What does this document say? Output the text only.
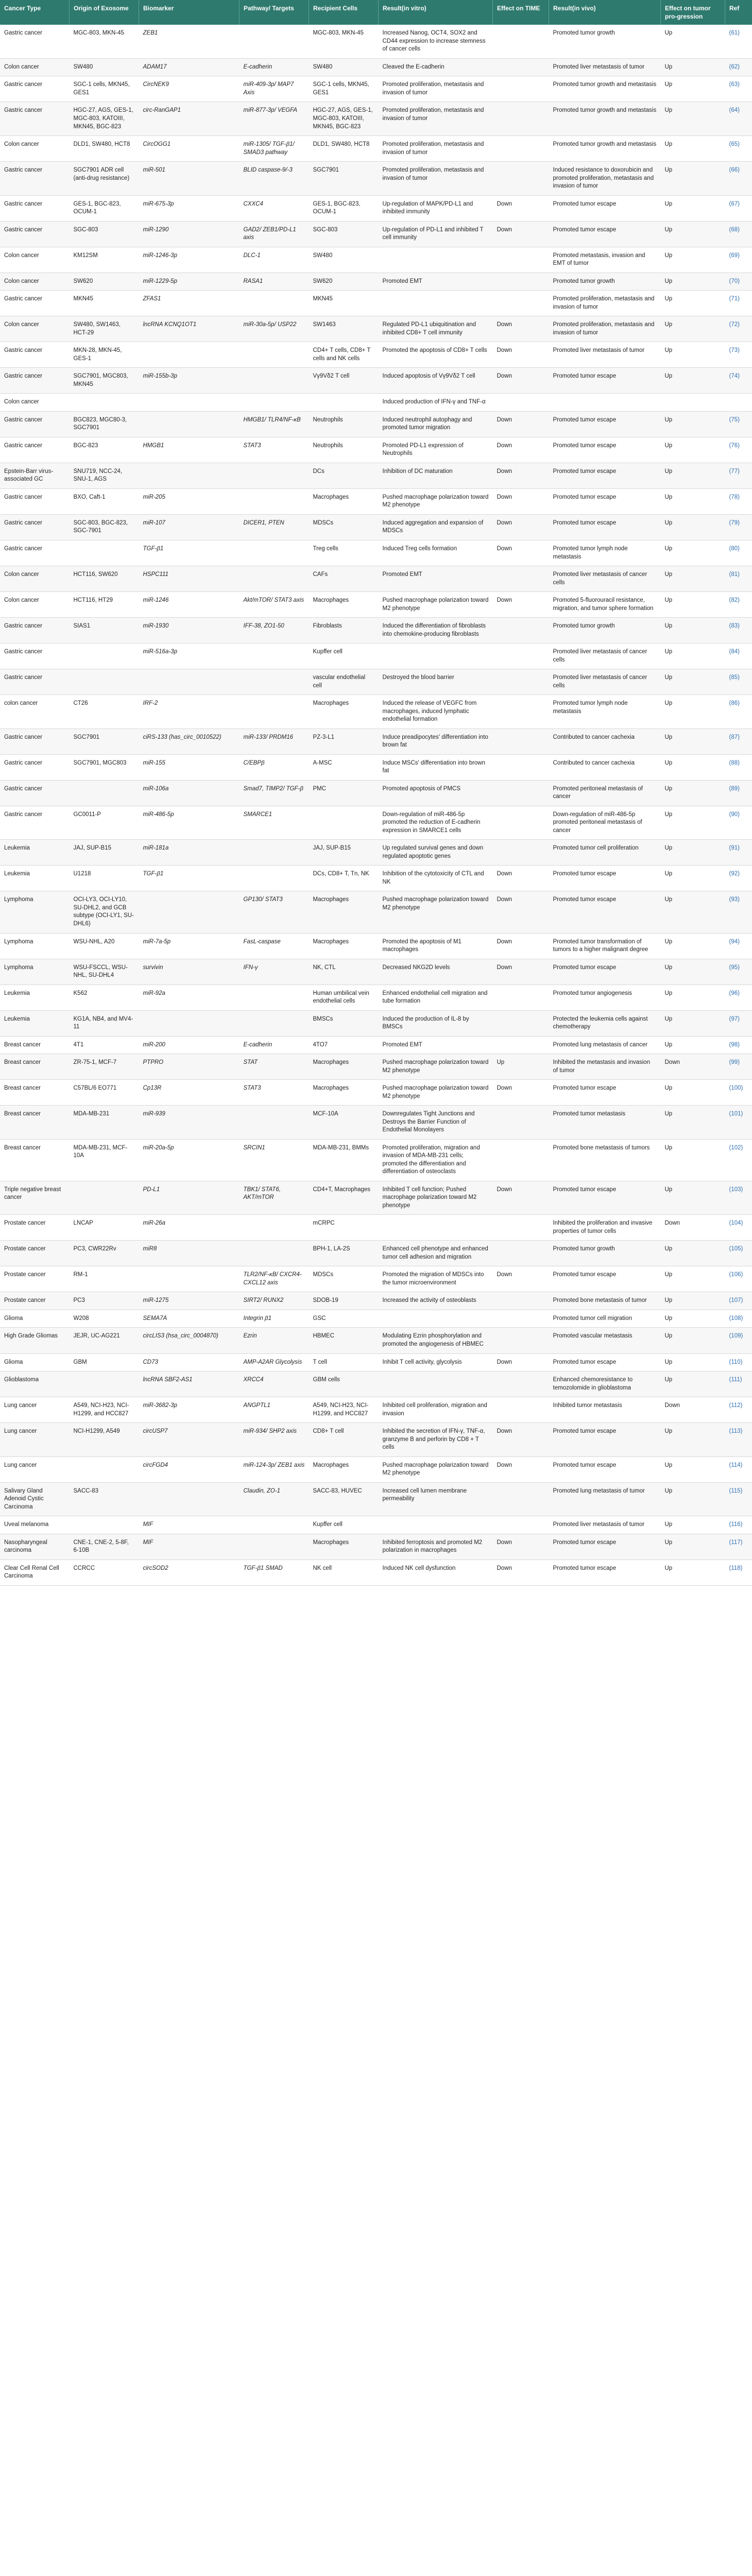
Cancer Type	Origin of Exosome	Biomarker	Pathway/ Targets	Recipient Cells	Result(in vitro)	Effect on TIME	Result(in vivo)	Effect on tumor pro-gression	Ref
Gastric cancer	MGC-803, MKN-45	ZEB1		MGC-803, MKN-45	Increased Nanog, OCT4, SOX2 and CD44 expression to increase stemness of cancer cells		Promoted tumor growth	Up	(61)
Colon cancer	SW480	ADAM17	E-cadherin	SW480	Cleaved the E-cadherin		Promoted liver metastasis of tumor	Up	(62)
Gastric cancer	SGC-1 cells, MKN45, GES1	CircNEK9	miR-409-3p/ MAP7 Axis	SGC-1 cells, MKN45, GES1	Promoted proliferation, metastasis and invasion of tumor		Promoted tumor growth and metastasis	Up	(63)
Gastric cancer	HGC-27, AGS, GES-1, MGC-803, KATOIII, MKN45, BGC-823	circ-RanGAP1	miR-877-3p/ VEGFA	HGC-27, AGS, GES-1, MGC-803, KATOIII, MKN45, BGC-823	Promoted proliferation, metastasis and invasion of tumor		Promoted tumor growth and metastasis	Up	(64)
Colon cancer	DLD1, SW480, HCT8	CircOGG1	miR-1305/ TGF-β1/ SMAD3 pathway	DLD1, SW480, HCT8	Promoted proliferation, metastasis and invasion of tumor		Promoted tumor growth and metastasis	Up	(65)
Gastric cancer	SGC7901 ADR cell (anti-drug resistance)	miR-501	BLID caspase-9/-3	SGC7901	Promoted proliferation, metastasis and invasion of tumor		Induced resistance to doxorubicin and promoted proliferation, metastasis and invasion of tumor	Up	(66)
Gastric cancer	GES-1, BGC-823, OCUM-1	miR-675-3p	CXXC4	GES-1, BGC-823, OCUM-1	Up-regulation of MAPK/PD-L1 and inhibited immunity	Down	Promoted tumor escape	Up	(67)
Gastric cancer	SGC-803	miR-1290	GAD2/ ZEB1/PD-L1 axis	SGC-803	Up-regulation of PD-L1 and inhibited T cell immunity	Down	Promoted tumor escape	Up	(68)
Colon cancer	KM12SM	miR-1246-3p	DLC-1	SW480			Promoted metastasis, invasion and EMT of tumor	Up	(69)
Colon cancer	SW620	miR-1229-5p	RASA1	SW620	Promoted EMT		Promoted tumor growth	Up	(70)
Gastric cancer	MKN45	ZFAS1		MKN45			Promoted proliferation, metastasis and invasion of tumor	Up	(71)
Colon cancer	SW480, SW1463, HCT-29	lncRNA KCNQ1OT1	miR-30a-5p/ USP22	SW1463	Regulated PD-L1 ubiquitination and inhibited CD8+ T cell immunity	Down	Promoted proliferation, metastasis and invasion of tumor	Up	(72)
Gastric cancer	MKN-28, MKN-45, GES-1			CD4+ T cells, CD8+ T cells and NK cells	Promoted the apoptosis of CD8+ T cells	Down	Promoted liver metastasis of tumor	Up	(73)
Gastric cancer	SGC7901, MGC803, MKN45	miR-155b-3p		Vγ9Vδ2 T cell	Induced apoptosis of Vγ9Vδ2 T cell	Down	Promoted tumor escape	Up	(74)
Colon cancer					Induced production of IFN-γ and TNF-α				
Gastric cancer	BGC823, MGC80-3, SGC7901		HMGB1/ TLR4/NF-κB	Neutrophils	Induced neutrophil autophagy and promoted tumor migration	Down	Promoted tumor escape	Up	(75)
Gastric cancer	BGC-823	HMGB1	STAT3	Neutrophils	Promoted PD-L1 expression of Neutrophils	Down	Promoted tumor escape	Up	(76)
Epstein-Barr virus-associated GC	SNU719, NCC-24, SNU-1, AGS			DCs	Inhibition of DC maturation	Down	Promoted tumor escape	Up	(77)
Gastric cancer	BXO, Caft-1	miR-205		Macrophages	Pushed macrophage polarization toward M2 phenotype	Down	Promoted tumor escape	Up	(78)
Gastric cancer	SGC-803, BGC-823, SGC-7901	miR-107	DICER1, PTEN	MDSCs	Induced aggregation and expansion of MDSCs	Down	Promoted tumor escape	Up	(79)
Gastric cancer		TGF-β1		Treg cells	Induced Treg cells formation	Down	Promoted tumor lymph node metastasis	Up	(80)
Colon cancer	HCT116, SW620	HSPC111		CAFs	Promoted EMT		Promoted liver metastasis of cancer cells	Up	(81)
Colon cancer	HCT116, HT29	miR-1246	Akt/mTOR/ STAT3 axis	Macrophages	Pushed macrophage polarization toward M2 phenotype	Down	Promoted 5-fluorouracil resistance, migration, and tumor sphere formation	Up	(82)
Gastric cancer	SIAS1	miR-1930	IFF-38, ZO1-50	Fibroblasts	Induced the differentiation of fibroblasts into chemokine-producing fibroblasts		Promoted tumor growth	Up	(83)
Gastric cancer		miR-516a-3p		Kupffer cell			Promoted liver metastasis of cancer cells	Up	(84)
Gastric cancer				vascular endothelial cell	Destroyed the blood barrier		Promoted liver metastasis of cancer cells	Up	(85)
colon cancer	CT26	IRF-2		Macrophages	Induced the release of VEGFC from macrophages, induced lymphatic endothelial formation		Promoted tumor lymph node metastasis	Up	(86)
Gastric cancer	SGC7901	ciRS-133 (has_circ_0010522)	miR-133/ PRDM16	PZ-3-L1	Induce preadipocytes' differentiation into brown fat		Contributed to cancer cachexia	Up	(87)
Gastric cancer	SGC7901, MGC803	miR-155	C/EBPβ	A-MSC	Induce MSCs' differentiation into brown fat		Contributed to cancer cachexia	Up	(88)
Gastric cancer		miR-106a	Smad7, TIMP2/ TGF-β	PMC	Promoted apoptosis of PMCS		Promoted peritoneal metastasis of cancer	Up	(89)
Gastric cancer	GC0011-P	miR-486-5p	SMARCE1		Down-regulation of miR-486-5p promoted the reduction of E-cadherin expression in SMARCE1 cells		Down-regulation of miR-486-5p promoted peritoneal metastasis of cancer	Up	(90)
Leukemia	JAJ, SUP-B15	miR-181a		JAJ, SUP-B15	Up regulated survival genes and down regulated apoptotic genes		Promoted tumor cell proliferation	Up	(91)
Leukemia	U1218	TGF-β1		DCs, CD8+ T, Tn, NK	Inhibition of the cytotoxicity of CTL and NK	Down	Promoted tumor escape	Up	(92)
Lymphoma	OCI-LY3, OCI-LY10, SU-DHL2, and GCB subtype (OCI-LY1, SU-DHL6)		GP130/ STAT3	Macrophages	Pushed macrophage polarization toward M2 phenotype	Down	Promoted tumor escape	Up	(93)
Lymphoma	WSU-NHL, A20	miR-7a-5p	FasL-caspase	Macrophages	Promoted the apoptosis of M1 macrophages	Down	Promoted tumor transformation of tumors to a higher malignant degree	Up	(94)
Lymphoma	WSU-FSCCL, WSU-NHL, SU-DHL4	survivin	IFN-γ	NK, CTL	Decreased NKG2D levels	Down	Promoted tumor escape	Up	(95)
Leukemia	K562	miR-92a		Human umbilical vein endothelial cells	Enhanced endothelial cell migration and tube formation		Promoted tumor angiogenesis	Up	(96)
Leukemia	KG1A, NB4, and MV4-11			BMSCs	Induced the production of IL-8 by BMSCs		Protected the leukemia cells against chemotherapy	Up	(97)
Breast cancer	4T1	miR-200	E-cadherin	4TO7	Promoted EMT		Promoted lung metastasis of cancer	Up	(98)
Breast cancer	ZR-75-1, MCF-7	PTPRO	STAT	Macrophages	Pushed macrophage polarization toward M2 phenotype	Up	Inhibited the metastasis and invasion of tumor	Down	(99)
Breast cancer	C57BL/6 EO771	Cp13R	STAT3	Macrophages	Pushed macrophage polarization toward M2 phenotype	Down	Promoted tumor escape	Up	(100)
Breast cancer	MDA-MB-231	miR-939		MCF-10A	Downregulates Tight Junctions and Destroys the Barrier Function of Endothelial Monolayers		Promoted tumor metastasis	Up	(101)
Breast cancer	MDA-MB-231, MCF-10A	miR-20a-5p	SRCIN1	MDA-MB-231, BMMs	Promoted proliferation, migration and invasion of MDA-MB-231 cells; promoted the differentiation and differentiation of osteoclasts		Promoted bone metastasis of tumors	Up	(102)
Triple negative breast cancer		PD-L1	TBK1/ STAT6, AKT/mTOR	CD4+T, Macrophages	Inhibited T cell function; Pushed macrophage polarization toward M2 phenotype	Down	Promoted tumor escape	Up	(103)
Prostate cancer	LNCAP	miR-26a		mCRPC			Inhibited the proliferation and invasive properties of tumor cells	Down	(104)
Prostate cancer	PC3, CWR22Rv	miR8		BPH-1, LA-2S	Enhanced cell phenotype and enhanced tumor cell adhesion and migration		Promoted tumor growth	Up	(105)
Prostate cancer	RM-1		TLR2/NF-κB/ CXCR4-CXCL12 axis	MDSCs	Promoted the migration of MDSCs into the tumor microenvironment	Down	Promoted tumor escape	Up	(106)
Prostate cancer	PC3	miR-1275	SIRT2/ RUNX2	SDOB-19	Increased the activity of osteoblasts		Promoted bone metastasis of tumor	Up	(107)
Glioma	W208	SEMA7A	Integrin β1	GSC			Promoted tumor cell migration	Up	(108)
High Grade Gliomas	JEJR, UC-AG221	circLIS3 (hsa_circ_0004870)	Ezrin	HBMEC	Modulating Ezrin phosphorylation and promoted the angiogenesis of HBMEC		Promoted vascular metastasis	Up	(109)
Glioma	GBM	CD73	AMP-A2AR Glycolysis	T cell	Inhibit T cell activity, glycolysis	Down	Promoted tumor escape	Up	(110)
Glioblastoma		lncRNA SBF2-AS1	XRCC4	GBM cells			Enhanced chemoresistance to temozolomide in glioblastoma	Up	(111)
Lung cancer	A549, NCI-H23, NCI-H1299, and HCC827	miR-3682-3p	ANGPTL1	A549, NCI-H23, NCI-H1299, and HCC827	Inhibited cell proliferation, migration and invasion		Inhibited tumor metastasis	Down	(112)
Lung cancer	NCI-H1299, A549	circUSP7	miR-934/ SHP2 axis	CD8+ T cell	Inhibited the secretion of IFN-γ, TNF-α, granzyme B and perforin by CD8 + T cells	Down	Promoted tumor escape	Up	(113)
Lung cancer		circFGD4	miR-124-3p/ ZEB1 axis	Macrophages	Pushed macrophage polarization toward M2 phenotype	Down	Promoted tumor escape	Up	(114)
Salivary Gland Adenoid Cystic Carcinoma	SACC-83		Claudin, ZO-1	SACC-83, HUVEC	Increased cell lumen membrane permeability		Promoted lung metastasis of tumor	Up	(115)
Uveal melanoma		MIF		Kupffer cell			Promoted liver metastasis of tumor	Up	(116)
Nasopharyngeal carcinoma	CNE-1, CNE-2, 5-8F, 6-10B	MIF		Macrophages	Inhibited ferroptosis and promoted M2 polarization in macrophages	Down	Promoted tumor escape	Up	(117)
Clear Cell Renal Cell Carcinoma	CCRCC	circSOD2	TGF-β1 SMAD	NK cell	Induced NK cell dysfunction	Down	Promoted tumor escape	Up	(118)
